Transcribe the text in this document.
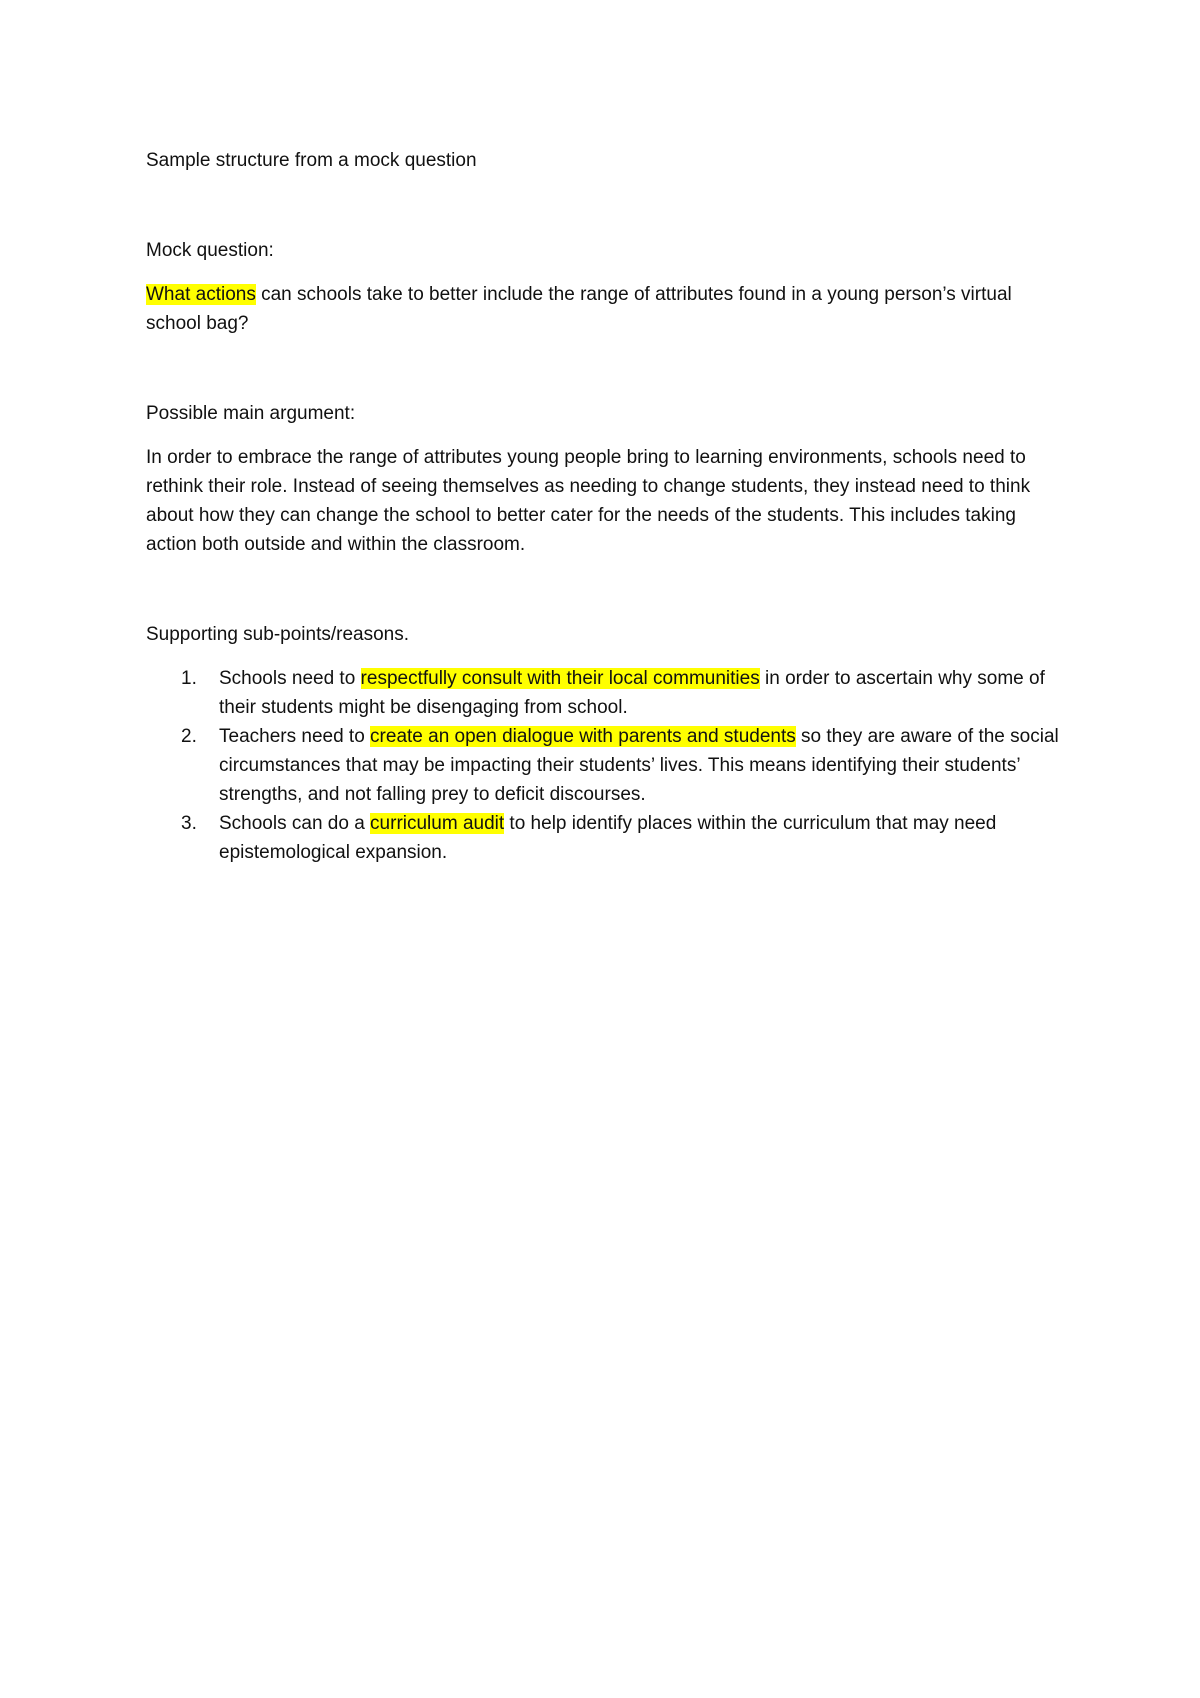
Sample structure from a mock question

Mock question:

What actions can schools take to better include the range of attributes found in a young person’s virtual school bag?

Possible main argument:

In order to embrace the range of attributes young people bring to learning environments, schools need to rethink their role. Instead of seeing themselves as needing to change students, they instead need to think about how they can change the school to better cater for the needs of the students. This includes taking action both outside and within the classroom.

Supporting sub-points/reasons.

1. Schools need to respectfully consult with their local communities in order to ascertain why some of their students might be disengaging from school.
2. Teachers need to create an open dialogue with parents and students so they are aware of the social circumstances that may be impacting their students’ lives. This means identifying their students’ strengths, and not falling prey to deficit discourses.
3. Schools can do a curriculum audit to help identify places within the curriculum that may need epistemological expansion.
